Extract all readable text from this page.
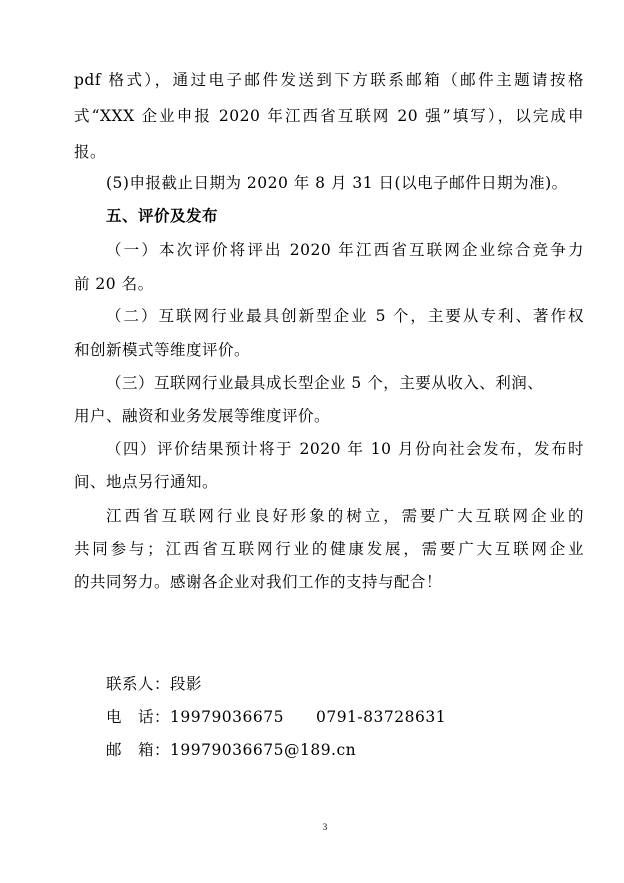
pdf 格式），通过电子邮件发送到下方联系邮箱（邮件主题请按格
式“XXX 企业申报 2020 年江西省互联网 20 强”填写），以完成申
报。
(5)申报截止日期为 2020 年 8 月 31 日(以电子邮件日期为准)。
五、评价及发布
（一）本次评价将评出 2020 年江西省互联网企业综合竞争力
前 20 名。
（二）互联网行业最具创新型企业 5 个，主要从专利、著作权
和创新模式等维度评价。
（三）互联网行业最具成长型企业 5 个，主要从收入、利润、
用户、融资和业务发展等维度评价。
（四）评价结果预计将于 2020 年 10 月份向社会发布，发布时
间、地点另行通知。
江西省互联网行业良好形象的树立，需要广大互联网企业的
共同参与；江西省互联网行业的健康发展，需要广大互联网企业
的共同努力。感谢各企业对我们工作的支持与配合！
联系人：段影
电　话：19979036675　　0791-83728631
邮　箱：19979036675@189.cn
3
